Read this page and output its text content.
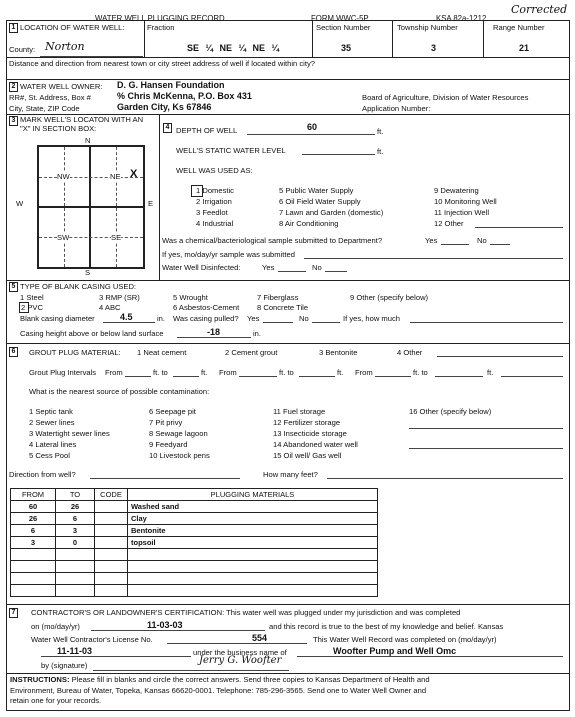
WATER WELL PLUGGING RECORD	FORM WWC-5P	KSA 82a-1212
Corrected
1 LOCATION OF WATER WELL:
County: Norton
Fraction
SE ¼ NE ¼ NE ¼
Section Number
35
Township Number
3
Range Number
21
Distance and direction from nearest town or city street address of well if located within city?
2 WATER WELL OWNER: D. G. Hansen Foundation
RR#, St. Address, Box #	% Chris McKenna, P.O. Box 431
City, State, ZIP Code	Garden City, Ks 67846
Board of Agriculture, Division of Water Resources
Application Number:
3 MARK WELL'S LOCATON WITH AN
"X" IN SECTION BOX:
NW	NE
SW	SE
X
N
S
W	E
4 DEPTH OF WELL	60	ft.
WELL'S STATIC WATER LEVEL	ft.
WELL WAS USED AS:
1 Domestic	5 Public Water Supply	9 Dewatering
2 Irrigation	6 Oil Field Water Supply	10 Monitoring Well
3 Feedlot	7 Lawn and Garden (domestic)	11 Injection Well
4 Industrial	8 Air Conditioning	12 Other
Was a chemical/bacteriological sample submitted to Department?	Yes	No
If yes, mo/day/yr sample was submitted
Water Well Disinfected:	Yes	No
5 TYPE OF BLANK CASING USED:
1 Steel	3 RMP (SR)	5 Wrought	7 Fiberglass	9 Other (specify below)
2 PVC	4 ABC	6 Asbestos-Cement 8 Concrete Tile
Blank casing diameter	4.5	in. Was casing pulled? Yes	No	If yes, how much
Casing height above or below land surface	-18	in.
6	GROUT PLUG MATERIAL: 1 Neat cement	2 Cement grout	3 Bentonite	4 Other
Grout Plug Intervals From	ft. to	ft. From	ft. to	ft. From	ft. to	ft.
What is the nearest source of possible contamination:
1 Septic tank	6 Seepage pit	11 Fuel storage	16 Other (specify below)
2 Sewer lines	7 Pit privy	12 Fertilizer storage
3 Watertight sewer lines	8 Sewage lagoon	13 Insecticide storage
4 Lateral lines	9 Feedyard	14 Abandoned water well
5 Cess Pool	10 Livestock pens	15 Oil well/ Gas well
Direction from well?	How many feet?
FROM	TO	CODE	PLUGGING MATERIALS
60	26		Washed sand
26	6		Clay
6	3		Bentonite
3	0		topsoil

7	CONTRACTOR'S OR LANDOWNER'S CERTIFICATION: This water well was plugged under my jurisdiction and was completed
on (mo/day/yr)	11-03-03	and this record is true to the best of my knowledge and belief. Kansas
Water Well Contractor's License No.	554	This Water Well Record was completed on (mo/day/yr)
11-11-03	under the business name of	Woofter Pump and Well Omc
by (signature)	Jerry G. Woofter
INSTRUCTIONS: Please fill in blanks and circle the correct answers. Send three copies to Kansas Department of Health and
Environment, Bureau of Water, Topeka, Kansas 66620-0001. Telephone: 785-296-3565. Send one to Water Well Owner and
retain one for your records.
